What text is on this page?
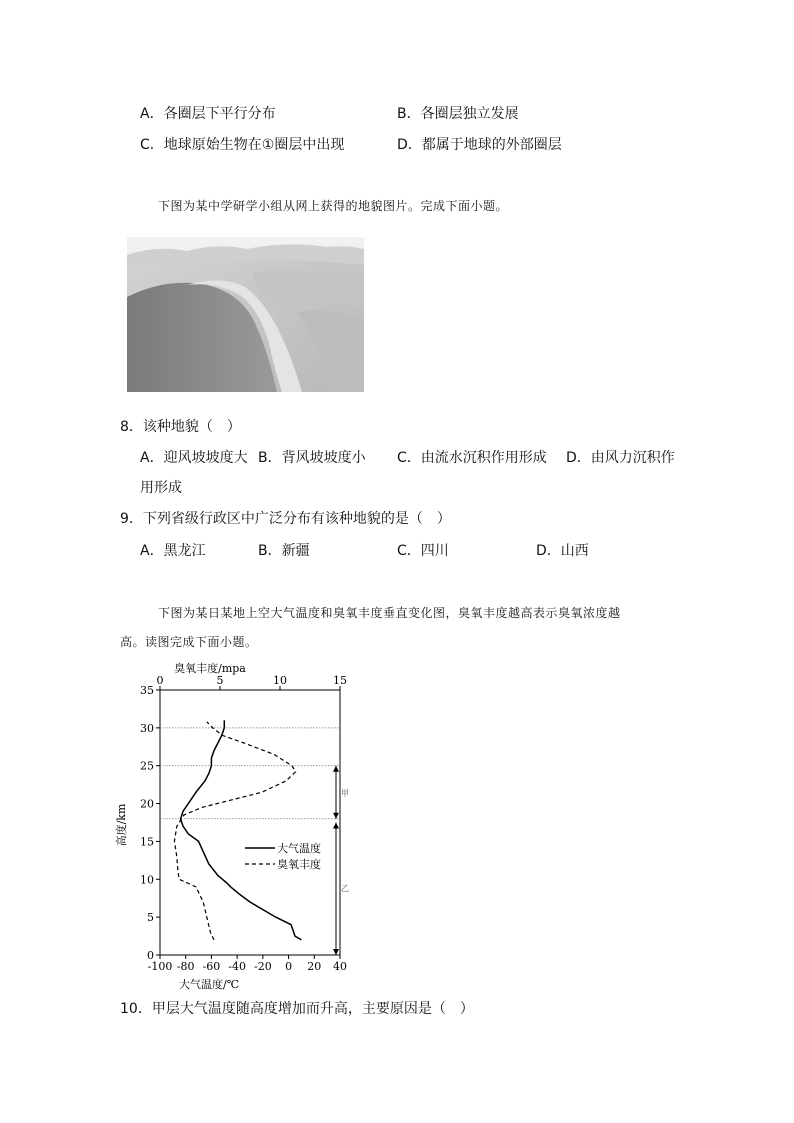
A．各圈层下平行分布	B．各圈层独立发展
C．地球原始生物在①圈层中出现	D．都属于地球的外部圈层
下图为某中学研学小组从网上获得的地貌图片。完成下面小题。
8．该种地貌（　）
A．迎风坡坡度大 B．背风坡坡度小 C．由流水沉积作用形成 D．由风力沉积作
用形成
9．下列省级行政区中广泛分布有该种地貌的是（　）
A．黑龙江	B．新疆	C．四川	D．山西
下图为某日某地上空大气温度和臭氧丰度垂直变化图，臭氧丰度越高表示臭氧浓度越
高。读图完成下面小题。
臭氧丰度/mpa
大气温度/℃
高度/km
0
5
10
15
20
25
30
35
-100 -80 -60 -40 -20 0 20 40
0	5	10	15
甲
乙
大气温度
臭氧丰度
10．甲层大气温度随高度增加而升高，主要原因是（　）
